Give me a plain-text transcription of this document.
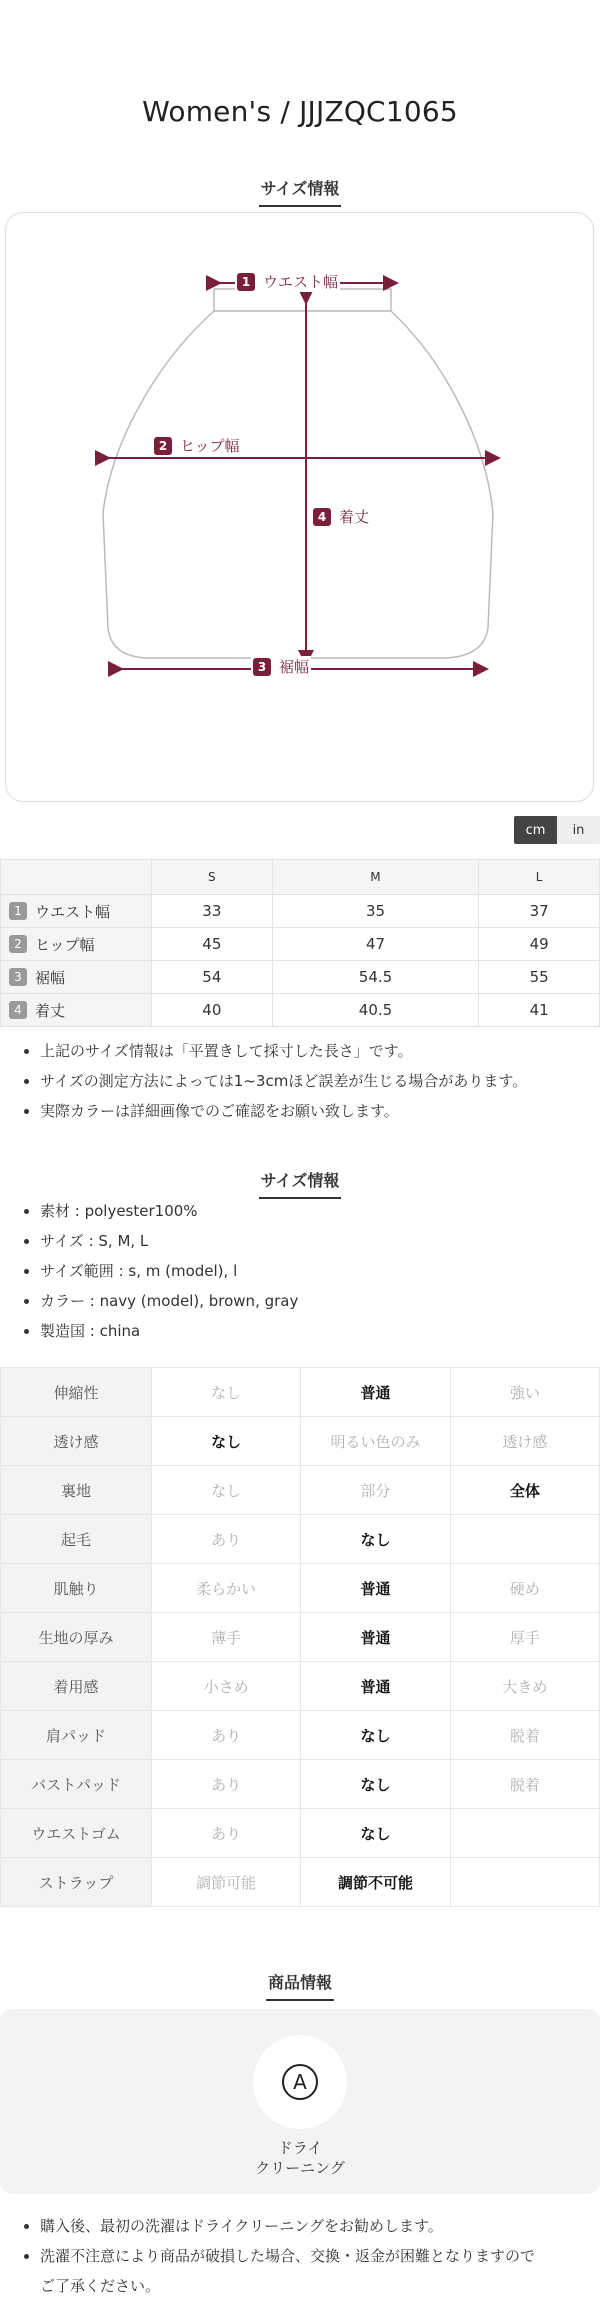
Women's / JJJZQC1065
サイズ情報
1 ウエスト幅
2 ヒップ幅
3 裾幅
4 着丈
cm	in
	S	M	L
1 ウエスト幅	33	35	37
2 ヒップ幅	45	47	49
3 裾幅	54	54.5	55
4 着丈	40	40.5	41
• 上記のサイズ情報は「平置きして採寸した長さ」です。
• サイズの測定方法によっては1~3cmほど誤差が生じる場合があります。
• 実際カラーは詳細画像でのご確認をお願い致します。
サイズ情報
• 素材 : polyester100%
• サイズ : S, M, L
• サイズ範囲 : s, m (model), l
• カラー : navy (model), brown, gray
• 製造国 : china
伸縮性	なし	普通	強い
透け感	なし	明るい色のみ	透け感
裏地	なし	部分	全体
起毛	あり	なし	
肌触り	柔らかい	普通	硬め
生地の厚み	薄手	普通	厚手
着用感	小さめ	普通	大きめ
肩パッド	あり	なし	脱着
バストパッド	あり	なし	脱着
ウエストゴム	あり	なし	
ストラップ	調節可能	調節不可能	
商品情報
A
ドライ
クリーニング
• 購入後、最初の洗濯はドライクリーニングをお勧めします。
• 洗濯不注意により商品が破損した場合、交換・返金が困難となりますので
ご了承ください。
